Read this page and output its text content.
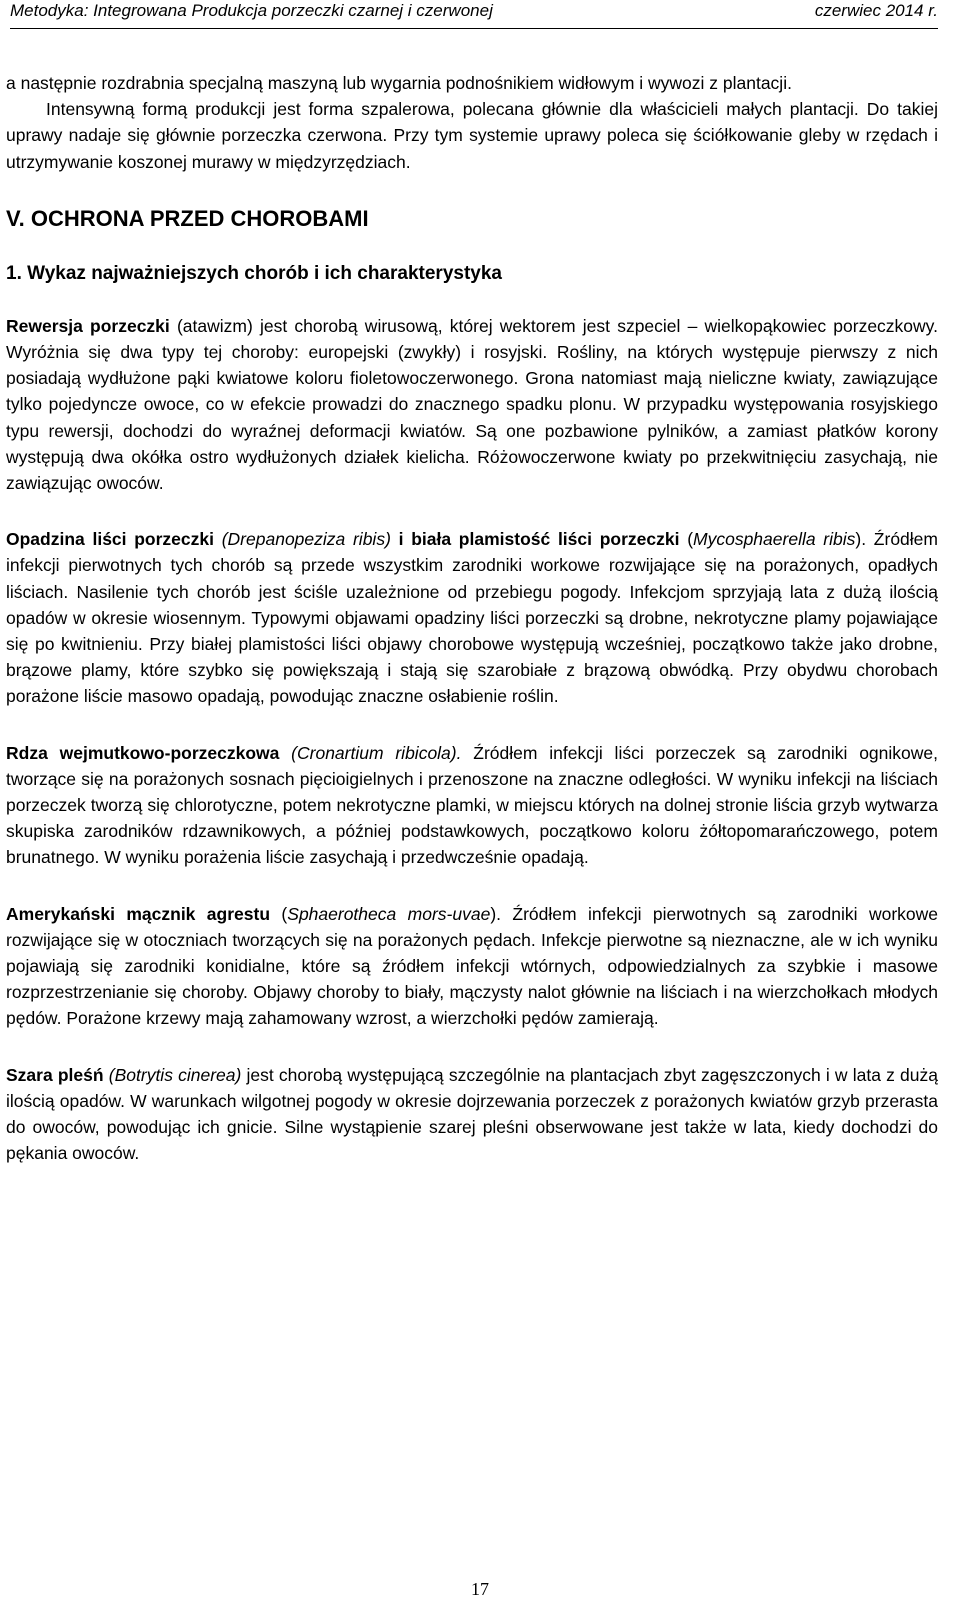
Metodyka: Integrowana Produkcja porzeczki czarnej i czerwonej	czerwiec 2014 r.

a następnie rozdrabnia specjalną maszyną lub wygarnia podnośnikiem widłowym i wywozi z plantacji.

Intensywną formą produkcji jest forma szpalerowa, polecana głównie dla właścicieli małych plantacji. Do takiej uprawy nadaje się głównie porzeczka czerwona. Przy tym systemie uprawy poleca się ściółkowanie gleby w rzędach i utrzymywanie koszonej murawy w międzyrzędziach.

V. OCHRONA PRZED CHOROBAMI
1. Wykaz najważniejszych chorób i ich charakterystyka

Rewersja porzeczki (atawizm) jest chorobą wirusową, której wektorem jest szpeciel – wielkopąkowiec porzeczkowy. Wyróżnia się dwa typy tej choroby: europejski (zwykły) i rosyjski. Rośliny, na których występuje pierwszy z nich posiadają wydłużone pąki kwiatowe koloru fioletowoczerwonego. Grona natomiast mają nieliczne kwiaty, zawiązujące tylko pojedyncze owoce, co w efekcie prowadzi do znacznego spadku plonu. W przypadku występowania rosyjskiego typu rewersji, dochodzi do wyraźnej deformacji kwiatów. Są one pozbawione pylników, a zamiast płatków korony występują dwa okółka ostro wydłużonych działek kielicha. Różowoczerwone kwiaty po przekwitnięciu zasychają, nie zawiązując owoców.

Opadzina liści porzeczki (Drepanopeziza ribis) i biała plamistość liści porzeczki (Mycosphaerella ribis). Źródłem infekcji pierwotnych tych chorób są przede wszystkim zarodniki workowe rozwijające się na porażonych, opadłych liściach. Nasilenie tych chorób jest ściśle uzależnione od przebiegu pogody. Infekcjom sprzyjają lata z dużą ilością opadów w okresie wiosennym. Typowymi objawami opadziny liści porzeczki są drobne, nekrotyczne plamy pojawiające się po kwitnieniu. Przy białej plamistości liści objawy chorobowe występują wcześniej, początkowo także jako drobne, brązowe plamy, które szybko się powiększają i stają się szarobiałe z brązową obwódką. Przy obydwu chorobach porażone liście masowo opadają, powodując znaczne osłabienie roślin.

Rdza wejmutkowo-porzeczkowa (Cronartium ribicola). Źródłem infekcji liści porzeczek są zarodniki ognikowe, tworzące się na porażonych sosnach pięcioigielnych i przenoszone na znaczne odległości. W wyniku infekcji na liściach porzeczek tworzą się chlorotyczne, potem nekrotyczne plamki, w miejscu których na dolnej stronie liścia grzyb wytwarza skupiska zarodników rdzawnikowych, a później podstawkowych, początkowo koloru żółtopomarańczowego, potem brunatnego. W wyniku porażenia liście zasychają i przedwcześnie opadają.

Amerykański mącznik agrestu (Sphaerotheca mors-uvae). Źródłem infekcji pierwotnych są zarodniki workowe rozwijające się w otoczniach tworzących się na porażonych pędach. Infekcje pierwotne są nieznaczne, ale w ich wyniku pojawiają się zarodniki konidialne, które są źródłem infekcji wtórnych, odpowiedzialnych za szybkie i masowe rozprzestrzenianie się choroby. Objawy choroby to biały, mączysty nalot głównie na liściach i na wierzchołkach młodych pędów. Porażone krzewy mają zahamowany wzrost, a wierzchołki pędów zamierają.

Szara pleśń (Botrytis cinerea) jest chorobą występującą szczególnie na plantacjach zbyt zagęszczonych i w lata z dużą ilością opadów. W warunkach wilgotnej pogody w okresie dojrzewania porzeczek z porażonych kwiatów grzyb przerasta do owoców, powodując ich gnicie. Silne wystąpienie szarej pleśni obserwowane jest także w lata, kiedy dochodzi do pękania owoców.

17
